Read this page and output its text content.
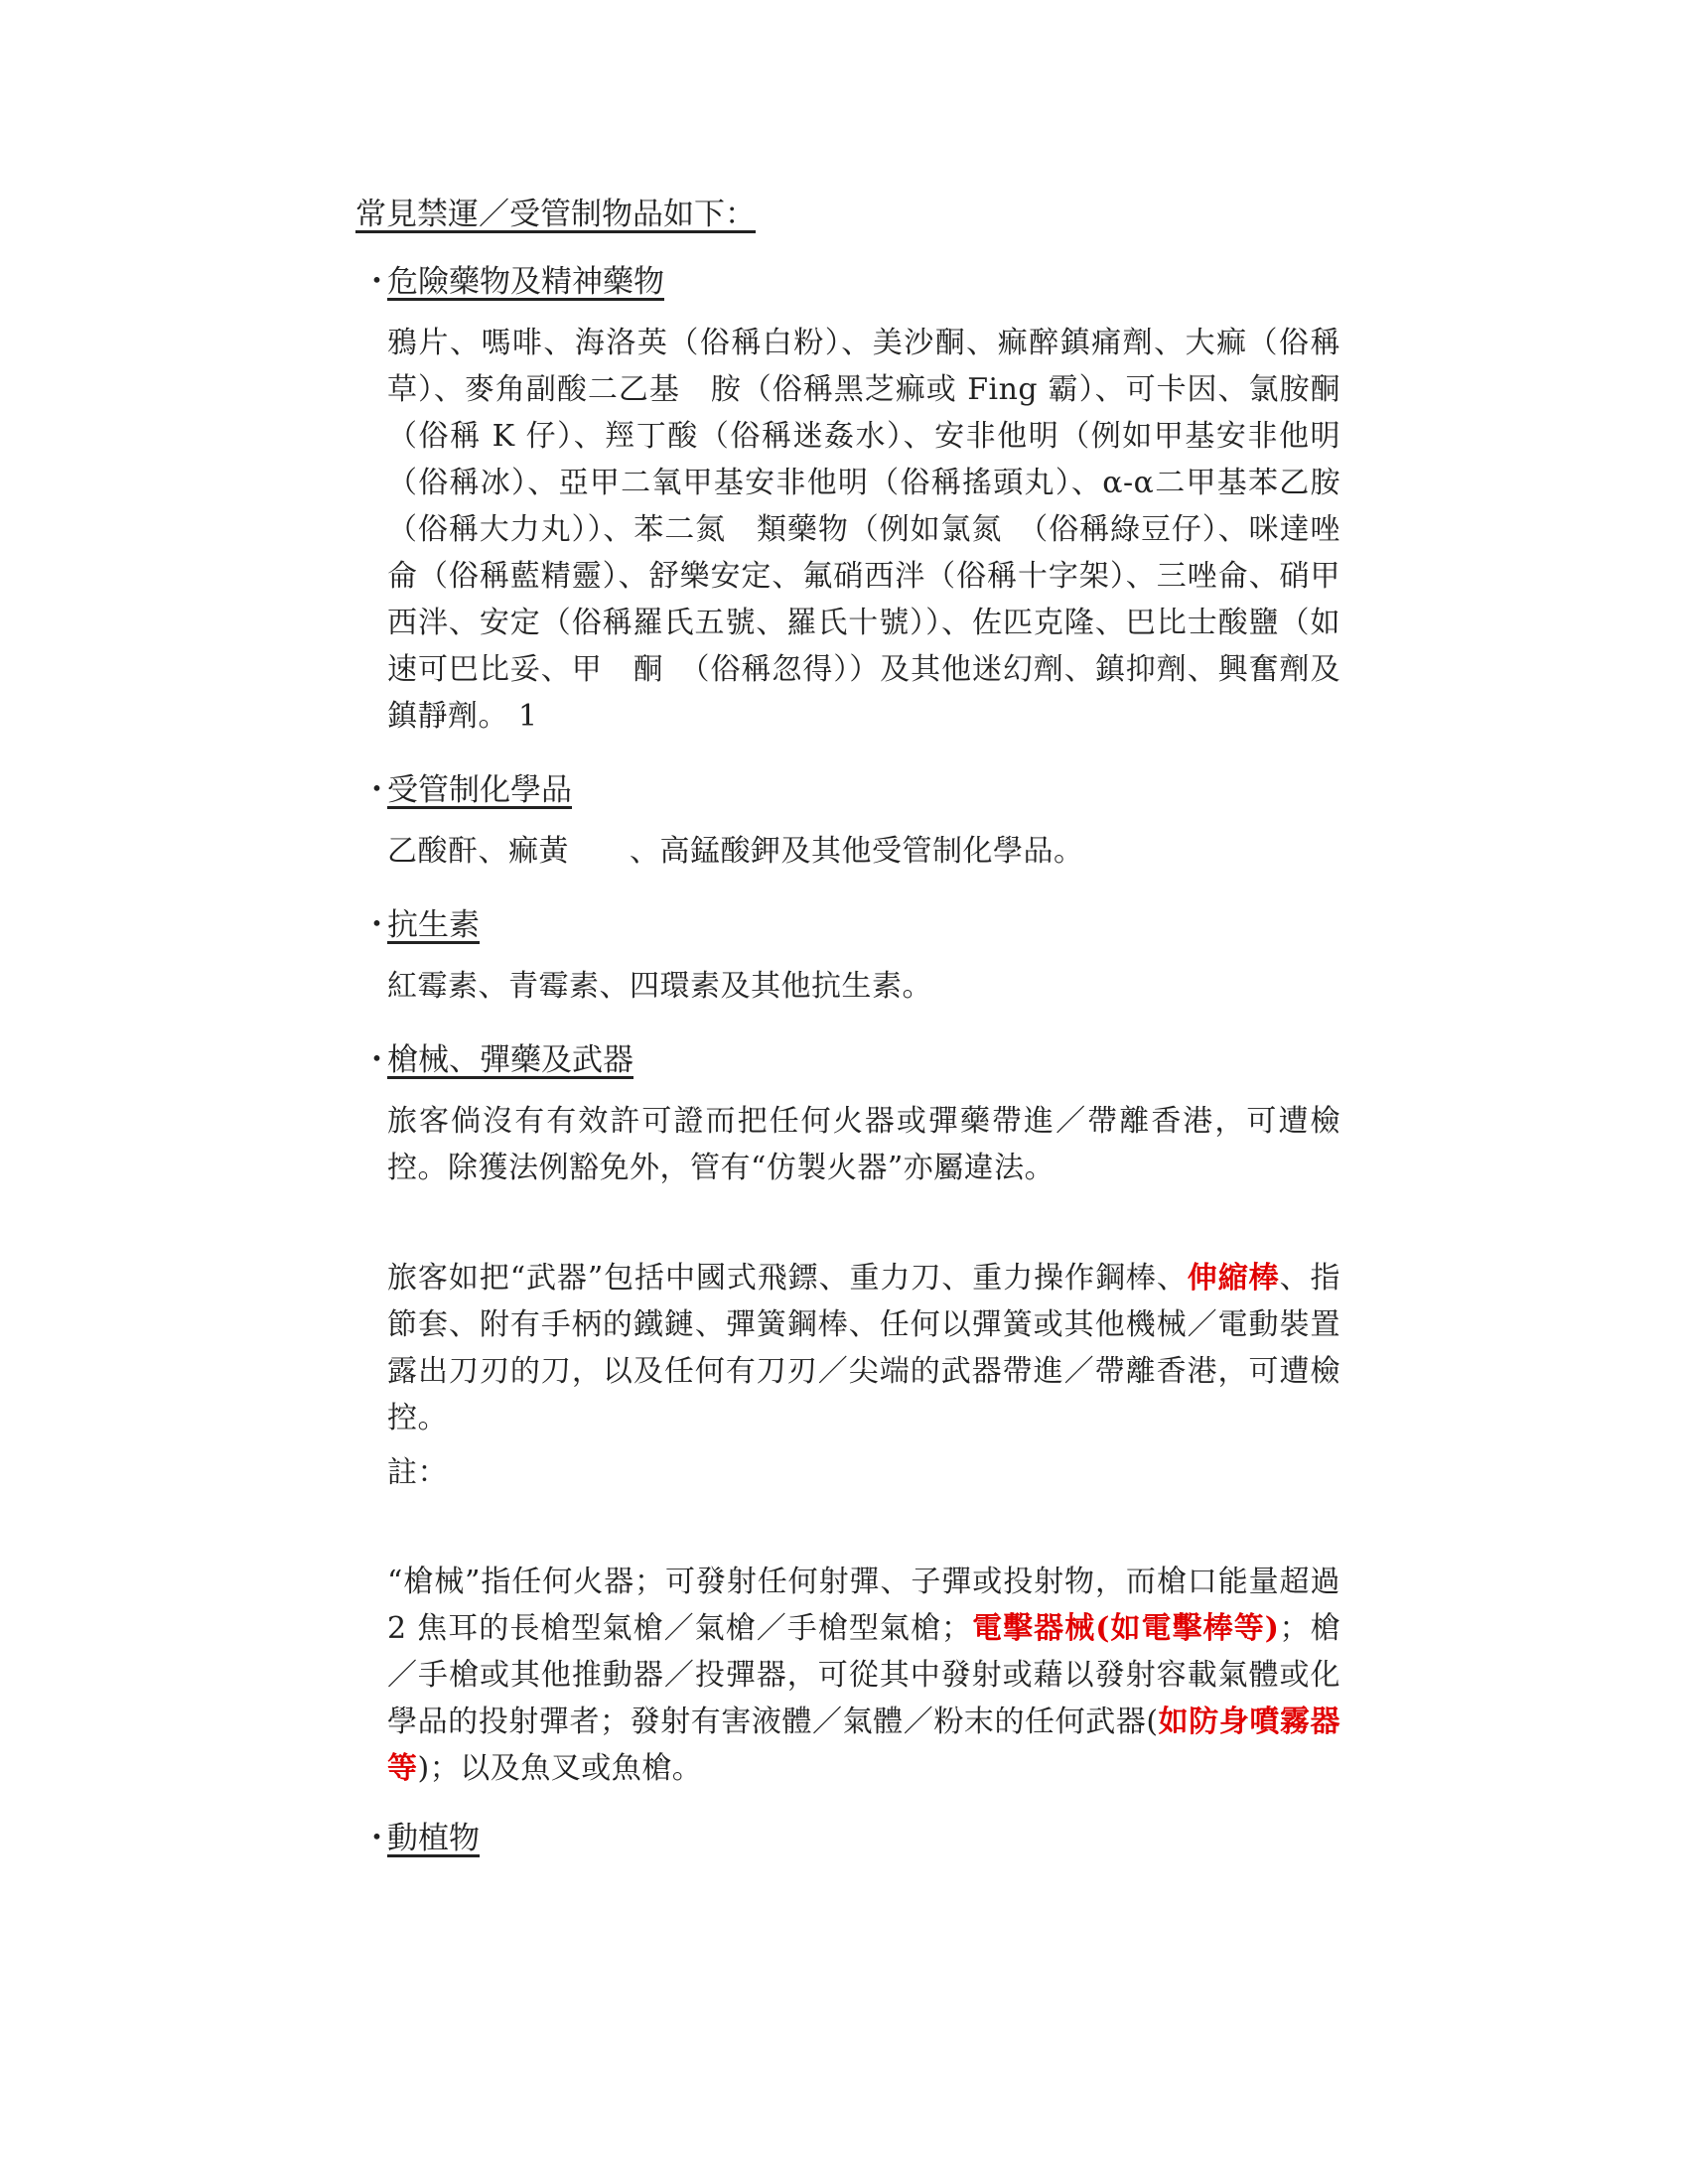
常見禁運／受管制物品如下：
・危險藥物及精神藥物
鴉片、嗎啡、海洛英（俗稱白粉）、美沙酮、痲醉鎮痛劑、大痲（俗稱草）、麥角副酸二乙基　胺（俗稱黑芝痲或 Fing 霸）、可卡因、氯胺酮（俗稱 K 仔）、羥丁酸（俗稱迷姦水）、安非他明（例如甲基安非他明（俗稱冰）、亞甲二氧甲基安非他明（俗稱搖頭丸）、α-α二甲基苯乙胺（俗稱大力丸））、苯二氮　類藥物（例如氯氮　（俗稱綠豆仔）、咪達唑侖（俗稱藍精靈）、舒樂安定、氟硝西泮（俗稱十字架）、三唑侖、硝甲西泮、安定（俗稱羅氏五號、羅氏十號））、佐匹克隆、巴比士酸鹽（如速可巴比妥、甲　酮　（俗稱忽得））及其他迷幻劑、鎮抑劑、興奮劑及鎮靜劑。 1
・受管制化學品
乙酸酐、痲黃　　、高錳酸鉀及其他受管制化學品。
・抗生素
紅霉素、青霉素、四環素及其他抗生素。
・槍械、彈藥及武器
旅客倘沒有有效許可證而把任何火器或彈藥帶進／帶離香港，可遭檢控。除獲法例豁免外，管有“仿製火器”亦屬違法。
旅客如把“武器”包括中國式飛鏢、重力刀、重力操作鋼棒、伸縮棒、指節套、附有手柄的鐵鏈、彈簧鋼棒、任何以彈簧或其他機械／電動裝置露出刀刃的刀，以及任何有刀刃／尖端的武器帶進／帶離香港，可遭檢控。
註：
“槍械”指任何火器；可發射任何射彈、子彈或投射物，而槍口能量超過 2 焦耳的長槍型氣槍／氣槍／手槍型氣槍；電擊器械(如電擊棒等)；槍／手槍或其他推動器／投彈器，可從其中發射或藉以發射容載氣體或化學品的投射彈者；發射有害液體／氣體／粉末的任何武器(如防身噴霧器等)；以及魚叉或魚槍。
・動植物
